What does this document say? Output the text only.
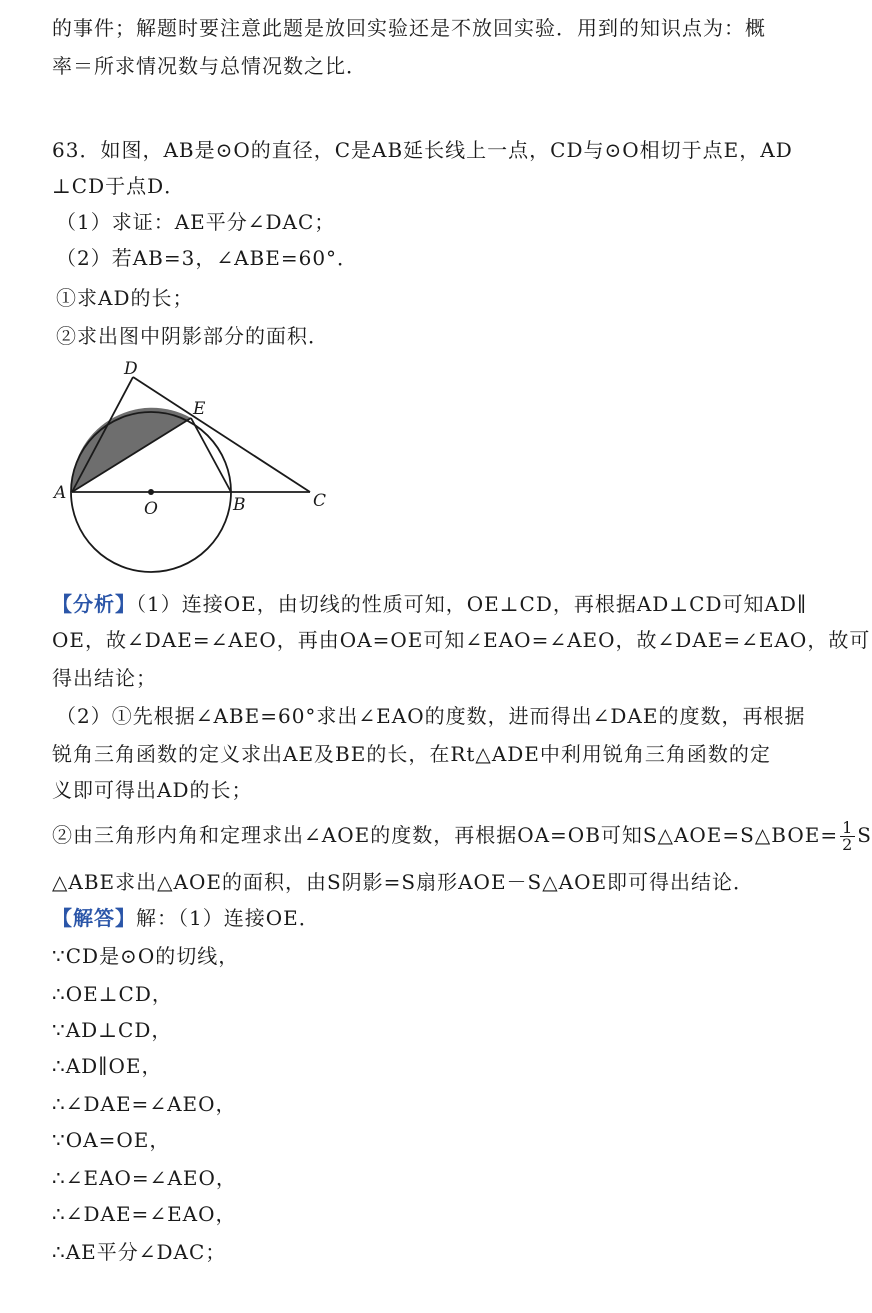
的事件；解题时要注意此题是放回实验还是不放回实验．用到的知识点为：概
率＝所求情况数与总情况数之比．
63．如图，AB是⊙O的直径，C是AB延长线上一点，CD与⊙O相切于点E，AD
⊥CD于点D．
（1）求证：AE平分∠DAC；
（2）若AB=3，∠ABE=60°．
①求AD的长；
②求出图中阴影部分的面积．
A
O	B	C
D
E
【分析】（1）连接OE，由切线的性质可知，OE⊥CD，再根据AD⊥CD可知AD∥
OE，故∠DAE=∠AEO，再由OA=OE可知∠EAO=∠AEO，故∠DAE=∠EAO，故可
得出结论；
（2）①先根据∠ABE=60°求出∠EAO的度数，进而得出∠DAE的度数，再根据
锐角三角函数的定义求出AE及BE的长，在Rt△ADE中利用锐角三角函数的定
义即可得出AD的长；
②由三角形内角和定理求出∠AOE的度数，再根据OA=OB可知S△AOE=S△BOE= $\frac{1}{2}$ S
△ABE求出△AOE的面积，由S阴影=S扇形AOE－S△AOE即可得出结论．
【解答】解：（1）连接OE．
∵CD是⊙O的切线，
∴OE⊥CD，
∵AD⊥CD，
∴AD∥OE，
∴∠DAE=∠AEO，
∵OA=OE，
∴∠EAO=∠AEO，
∴∠DAE=∠EAO，
∴AE平分∠DAC；
